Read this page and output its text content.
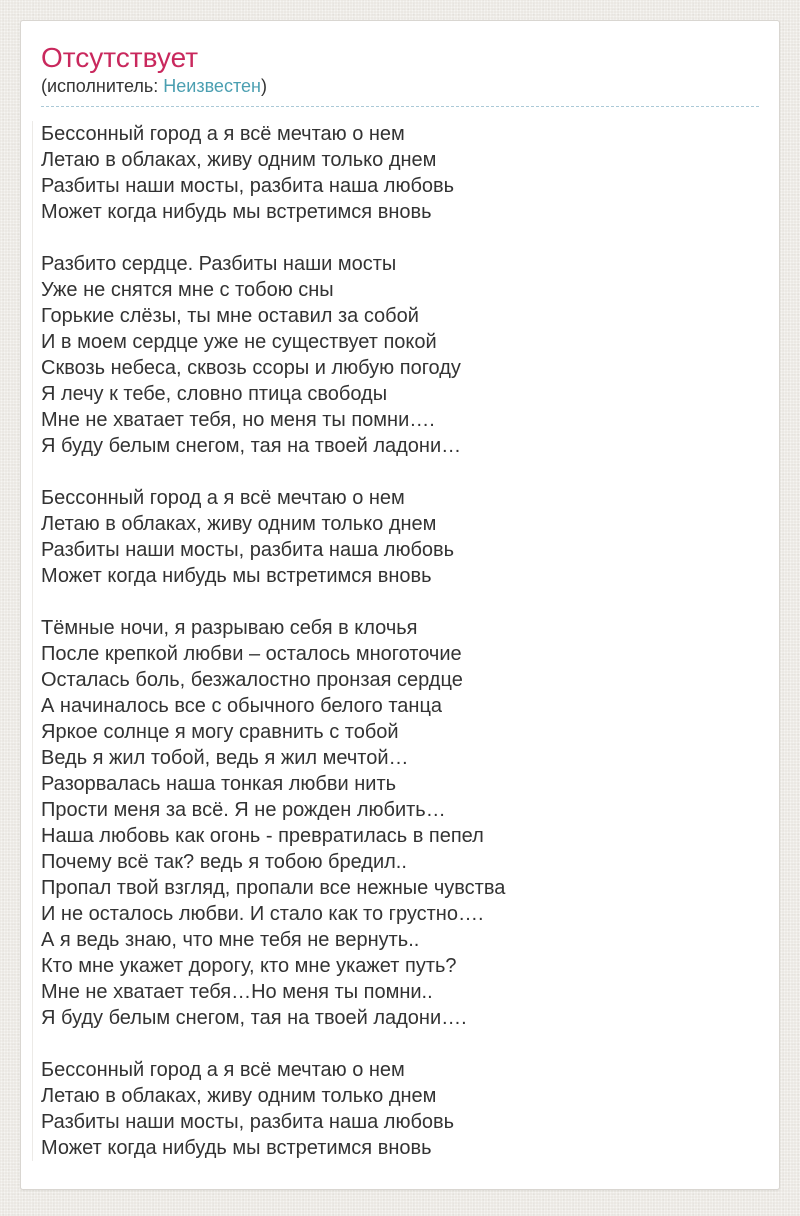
Отсутствует
(исполнитель: Неизвестен)

Бессонный город а я всё мечтаю о нем
Летаю в облаках, живу одним только днем
Разбиты наши мосты, разбита наша любовь
Может когда нибудь мы встретимся вновь

Разбито сердце. Разбиты наши мосты
Уже не снятся мне с тобою сны
Горькие слёзы, ты мне оставил за собой
И в моем сердце уже не существует покой
Сквозь небеса, сквозь ссоры и любую погоду
Я лечу к тебе, словно птица свободы
Мне не хватает тебя, но меня ты помни….
Я буду белым снегом, тая на твоей ладони…

Бессонный город а я всё мечтаю о нем
Летаю в облаках, живу одним только днем
Разбиты наши мосты, разбита наша любовь
Может когда нибудь мы встретимся вновь

Тёмные ночи, я разрываю себя в клочья
После крепкой любви – осталось многоточие
Осталась боль, безжалостно пронзая сердце
А начиналось все с обычного белого танца
Яркое солнце я могу сравнить с тобой
Ведь я жил тобой, ведь я жил мечтой…
Разорвалась наша тонкая любви нить
Прости меня за всё. Я не рожден любить…
Наша любовь как огонь - превратилась в пепел
Почему всё так? ведь я тобою бредил..
Пропал твой взгляд, пропали все нежные чувства
И не осталось любви. И стало как то грустно….
А я ведь знаю, что мне тебя не вернуть..
Кто мне укажет дорогу, кто мне укажет путь?
Мне не хватает тебя…Но меня ты помни..
Я буду белым снегом, тая на твоей ладони….

Бессонный город а я всё мечтаю о нем
Летаю в облаках, живу одним только днем
Разбиты наши мосты, разбита наша любовь
Может когда нибудь мы встретимся вновь
